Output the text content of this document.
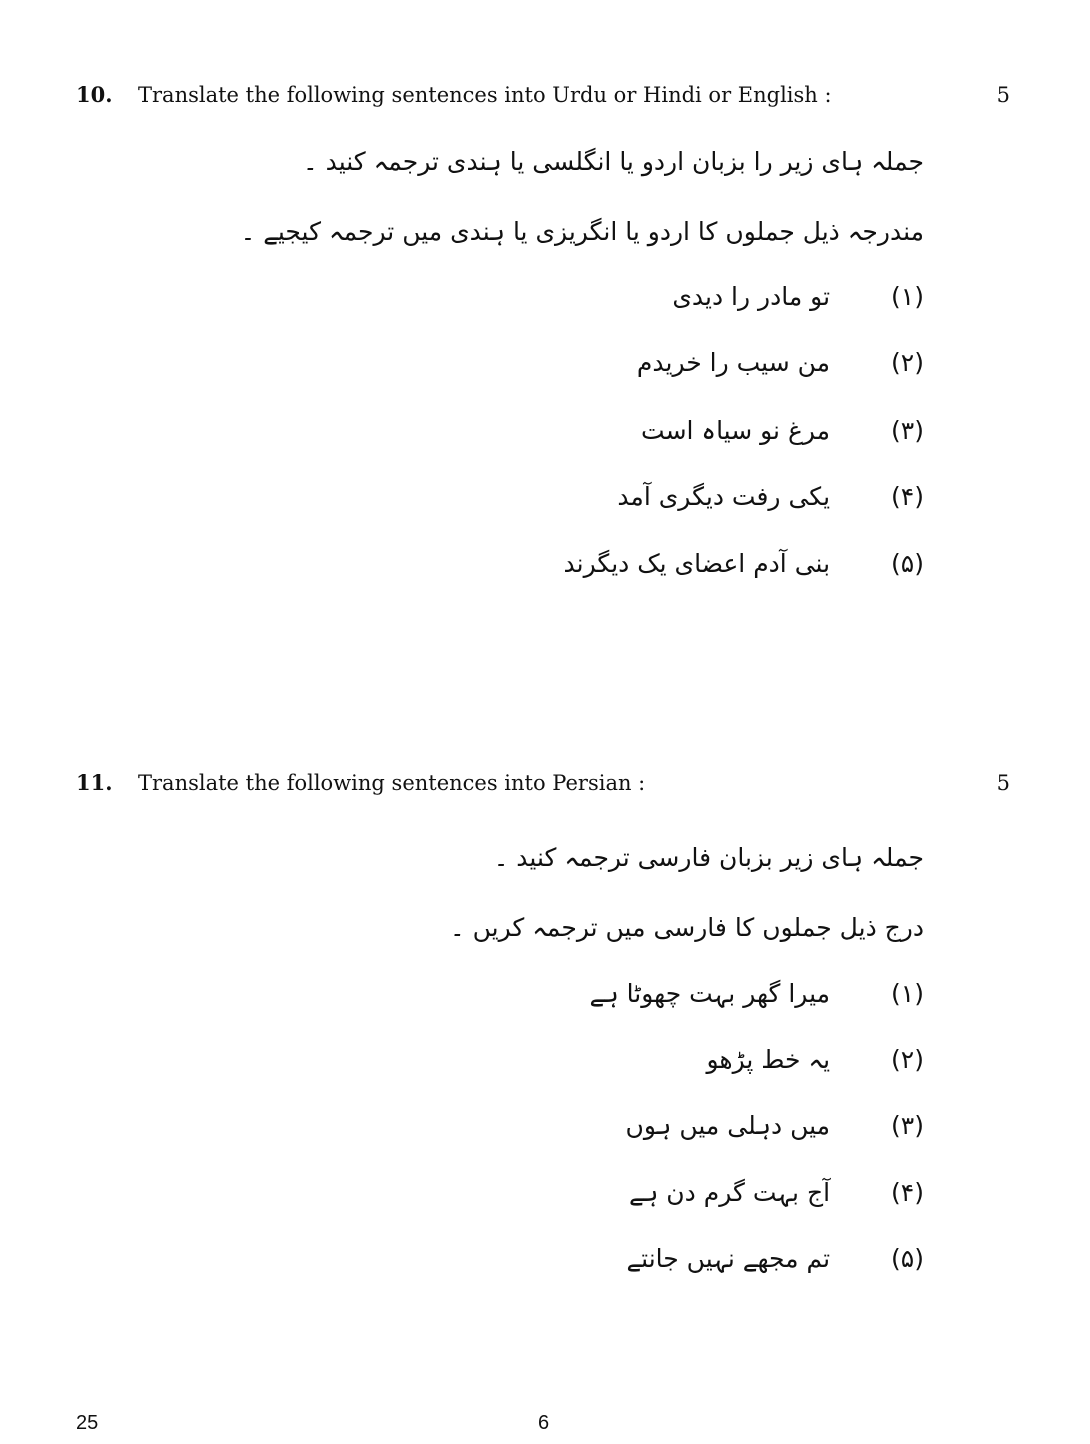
10. Translate the following sentences into Urdu or Hindi or English :	5
جملہ ہای زیر را بزبان اردو یا انگلسی یا ہندی ترجمہ کنید ۔
مندرجہ ذیل جملوں کا اردو یا انگریزی یا ہندی میں ترجمہ کیجیے ۔
(۱) تو مادر را دیدی
(۲) من سیب را خریدم
(۳) مرغ نو سیاہ است
(۴) یکی رفت دیگری آمد
(۵) بنی آدم اعضای یک دیگرند
11. Translate the following sentences into Persian :	5
جملہ ہای زیر بزبان فارسی ترجمہ کنید ۔
درج ذیل جملوں کا فارسی میں ترجمہ کریں ۔
(۱) میرا گھر بہت چھوٹا ہے
(۲) یہ خط پڑھو
(۳) میں دہلی میں ہوں
(۴) آج بہت گرم دن ہے
(۵) تم مجھے نہیں جانتے
25	6
